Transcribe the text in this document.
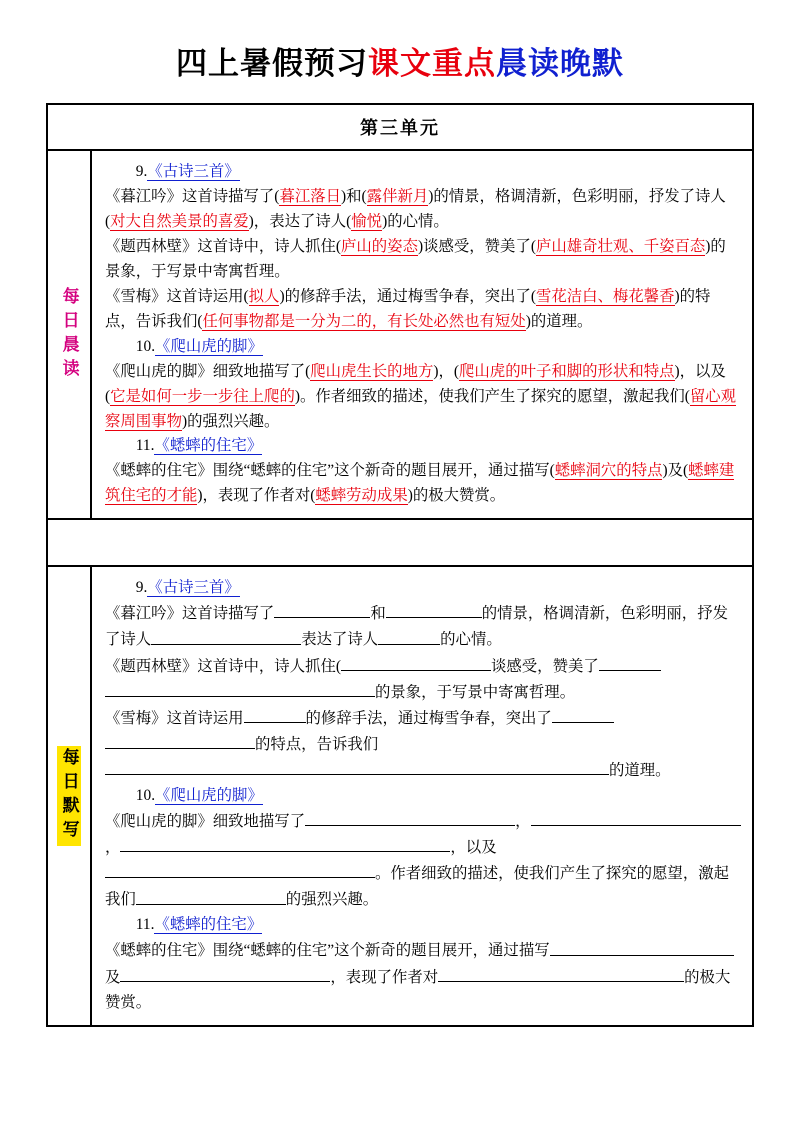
四上暑假预习课文重点晨读晚默
第三单元
每日晨读

9.《古诗三首》

《暮江吟》这首诗描写了(暮江落日)和(露伴新月)的情景，格调清新，色彩明丽，抒发了诗人(对大自然美景的喜爱)，表达了诗人(愉悦)的心情。

《题西林壁》这首诗中，诗人抓住(庐山的姿态)谈感受，赞美了(庐山雄奇壮观、千姿百态)的景象，于写景中寄寓哲理。

《雪梅》这首诗运用(拟人)的修辞手法，通过梅雪争春，突出了(雪花洁白、梅花馨香)的特点，告诉我们(任何事物都是一分为二的，有长处必然也有短处)的道理。

10.《爬山虎的脚》

《爬山虎的脚》细致地描写了(爬山虎生长的地方)，(爬山虎的叶子和脚的形状和特点)，以及(它是如何一步一步往上爬的)。作者细致的描述，使我们产生了探究的愿望，激起我们(留心观察周围事物)的强烈兴趣。

11.《蟋蟀的住宅》

《蟋蟀的住宅》围绕“蟋蟀的住宅”这个新奇的题目展开，通过描写(蟋蟀洞穴的特点)及(蟋蟀建筑住宅的才能)，表现了作者对(蟋蟀劳动成果)的极大赞赏。

每日默写

9.《古诗三首》

《暮江吟》这首诗描写了	和	的情景，格调清新，色彩明丽，抒发了诗人	表达了诗人	的心情。

《题西林壁》这首诗中，诗人抓住(	谈感受，赞美了的景象，于写景中寄寓哲理。

《雪梅》这首诗运用	的修辞手法，通过梅雪争春，突出了的特点，告诉我们的道理。

10.《爬山虎的脚》

《爬山虎的脚》细致地描写了	，，	，以及。作者细致的描述，使我们产生了探究的愿望，激起我们	的强烈兴趣。

11.《蟋蟀的住宅》

《蟋蟀的住宅》围绕“蟋蟀的住宅”这个新奇的题目展开，通过描写及	，表现了作者对	的极大赞赏。
